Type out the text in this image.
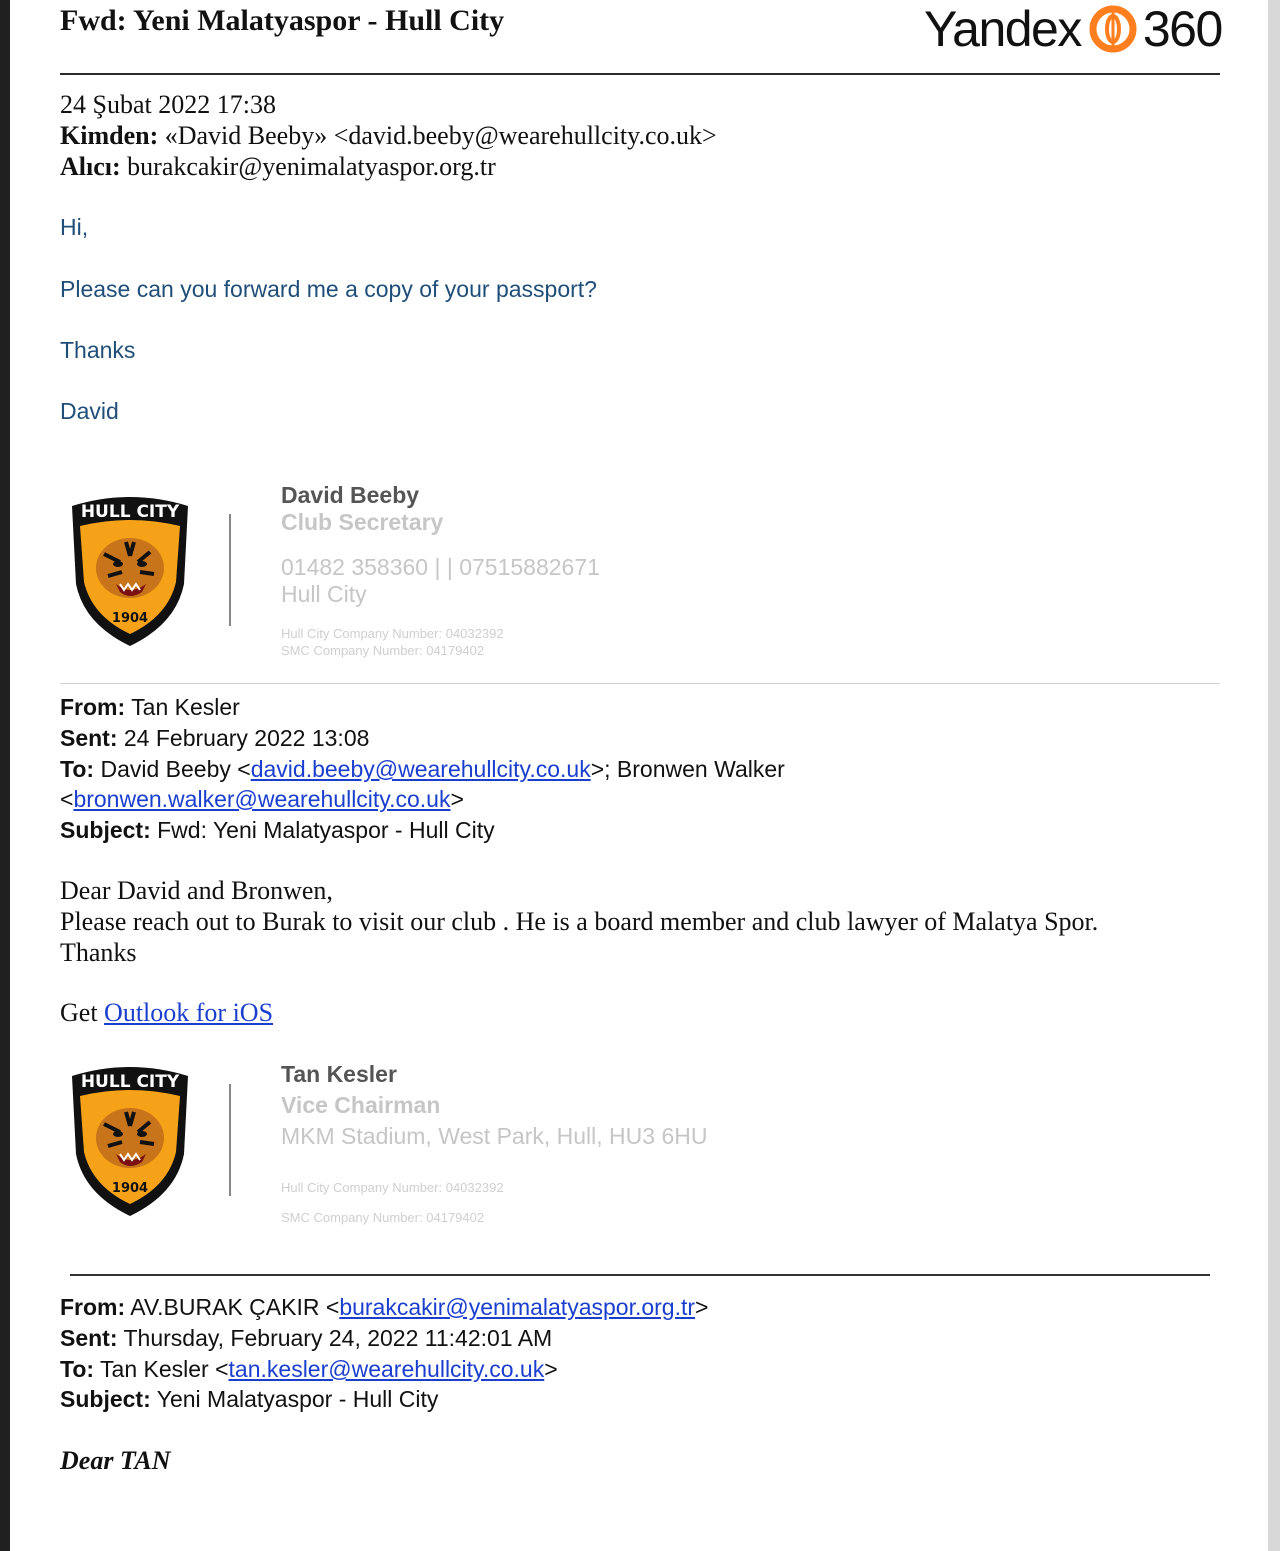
Fwd: Yeni Malatyaspor - Hull City	Yandex 360
24 Şubat 2022 17:38
Kimden: «David Beeby» <david.beeby@wearehullcity.co.uk>
Alıcı: burakcakir@yenimalatyaspor.org.tr
Hi,
Please can you forward me a copy of your passport?
Thanks
David
HULL CITY
1904
David Beeby
Club Secretary
01482 358360 | | 07515882671
Hull City
Hull City Company Number: 04032392
SMC Company Number: 04179402
From: Tan Kesler
Sent: 24 February 2022 13:08
To: David Beeby <david.beeby@wearehullcity.co.uk>; Bronwen Walker
<bronwen.walker@wearehullcity.co.uk>
Subject: Fwd: Yeni Malatyaspor - Hull City
Dear David and Bronwen,
Please reach out to Burak to visit our club . He is a board member and club lawyer of Malatya Spor.
Thanks
Get Outlook for iOS
HULL CITY
1904
Tan Kesler
Vice Chairman
MKM Stadium, West Park, Hull, HU3 6HU
Hull City Company Number: 04032392
SMC Company Number: 04179402
From: AV.BURAK ÇAKIR <burakcakir@yenimalatyaspor.org.tr>
Sent: Thursday, February 24, 2022 11:42:01 AM
To: Tan Kesler <tan.kesler@wearehullcity.co.uk>
Subject: Yeni Malatyaspor - Hull City
Dear TAN
